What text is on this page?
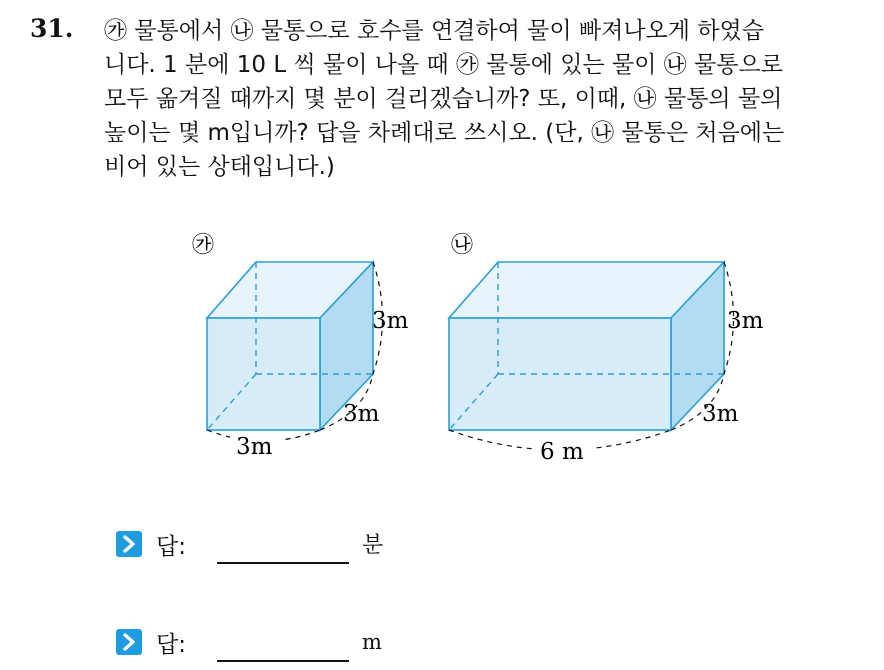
31. ㉮ 물통에서 ㉯ 물통으로 호수를 연결하여 물이 빠져나오게 하였습
니다. 1 분에 10 L 씩 물이 나올 때 ㉮ 물통에 있는 물이 ㉯ 물통으로
모두 옮겨질 때까지 몇 분이 걸리겠습니까? 또, 이때, ㉯ 물통의 물의
높이는 몇 m입니까? 답을 차례대로 쓰시오. (단, ㉯ 물통은 처음에는
비어 있는 상태입니다.)
㉮
3m
3m
3m
㉯
3m
3m
6 m
답:	분
답:	m
